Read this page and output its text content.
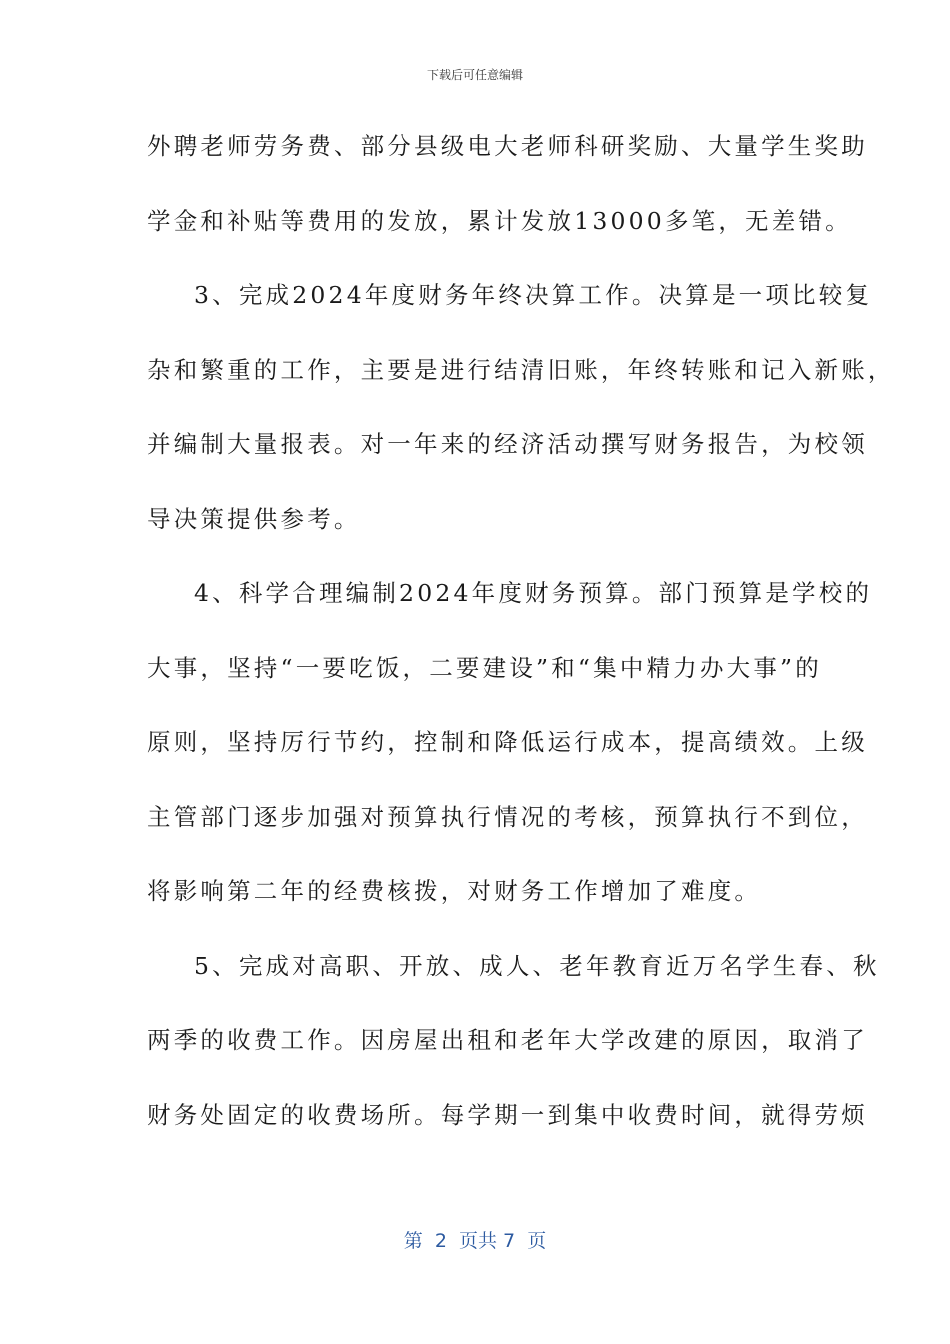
下载后可任意编辑
外聘老师劳务费、部分县级电大老师科研奖励、大量学生奖助
学金和补贴等费用的发放，累计发放13000多笔，无差错。
3、完成2024年度财务年终决算工作。决算是一项比较复
杂和繁重的工作，主要是进行结清旧账，年终转账和记入新账，
并编制大量报表。对一年来的经济活动撰写财务报告，为校领
导决策提供参考。
4、科学合理编制2024年度财务预算。部门预算是学校的
大事，坚持“一要吃饭，二要建设”和“集中精力办大事”的
原则，坚持厉行节约，控制和降低运行成本，提高绩效。上级
主管部门逐步加强对预算执行情况的考核，预算执行不到位，
将影响第二年的经费核拨，对财务工作增加了难度。
5、完成对高职、开放、成人、老年教育近万名学生春、秋
两季的收费工作。因房屋出租和老年大学改建的原因，取消了
财务处固定的收费场所。每学期一到集中收费时间，就得劳烦
第  2  页共 7  页
